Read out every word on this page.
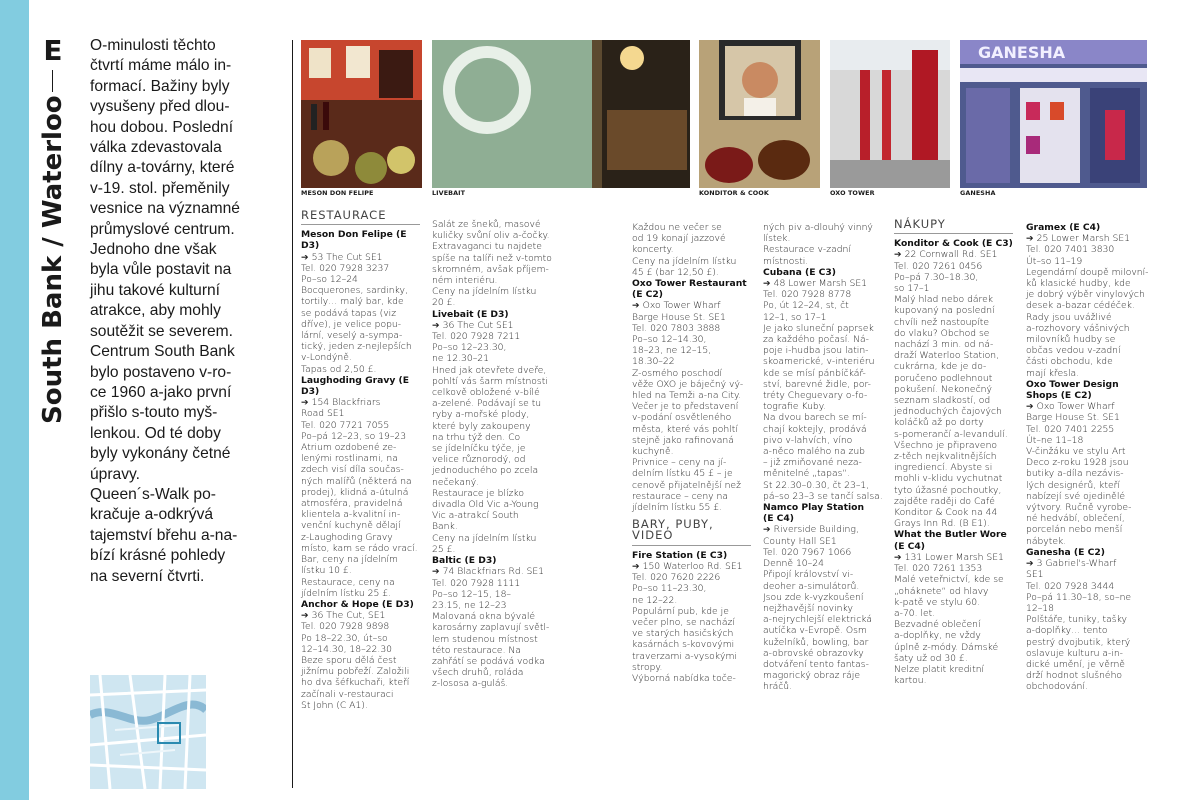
E
South Bank / Waterloo

O-minulosti těchto

čtvrtí máme málo in-

formací. Bažiny byly

vysušeny před dlou-

hou dobou. Poslední

válka zdevastovala

dílny a-továrny, které

v-19. stol. přeměnily

vesnice na významné

průmyslové centrum.

Jednoho dne však

byla vůle postavit na

jihu takové kulturní

atrakce, aby mohly

soutěžit se severem.

Centrum South Bank

bylo postaveno v-ro-

ce 1960 a-jako první

přišlo s-touto myš-

lenkou. Od té doby

byly vykonány četné

úpravy.

Queen´s-Walk po-

kračuje a-odkrývá

tajemství břehu a-na-

bízí krásné pohledy

na severní čtvrti.

GANESHA
MESON DON FELIPE	LIVEBAIT	KONDITOR & COOK	OXO TOWER	GANESHA
RESTAURACE

Meson Don Felipe (E D3)

➔ 53 The Cut SE1

Tel. 020 7928 3237

Po–so 12–24

Bocquerones, sardinky,

tortily… malý bar, kde

se podává tapas (viz

dříve), je velice popu-

lární, veselý a-sympa-

tický, jeden z-nejlepších

v-Londýně.

Tapas od 2,50 £.

Laughoding Gravy (E D3)

➔ 154 Blackfriars

Road SE1

Tel. 020 7721 7055

Po–pá 12–23, so 19–23

Atrium ozdobené ze-

lenými rostlinami, na

zdech visí díla součas-

ných malířů (některá na

prodej), klidná a-útulná

atmosféra, pravidelná

klientela a-kvalitní in-

venční kuchyně dělají

z-Laughoding Gravy

místo, kam se rádo vrací.

Bar, ceny na jídelním

lístku 10 £.

Restaurace, ceny na

jídelním lístku 25 £.

Anchor & Hope (E D3)

➔ 36 The Cut, SE1

Tel. 020 7928 9898

Po 18–22.30, út–so

12–14.30, 18–22.30

Beze sporu dělá čest

jižnímu pobřeží. Založili

ho dva šéfkuchaři, kteří

začínali v-restauraci

St John (C A1).

Salát ze šneků, masové

kuličky svůní oliv a-čočky.

Extravaganci tu najdete

spíše na talíři než v-tomto

skromném, avšak příjem-

ném interiéru.

Ceny na jídelním lístku

20 £.

Livebait (E D3)

➔ 36 The Cut SE1

Tel. 020 7928 7211

Po–so 12–23.30,

ne 12.30–21

Hned jak otevřete dveře,

pohltí vás šarm místnosti

celkově obložené v-bílé

a-zelené. Podávají se tu

ryby a-mořské plody,

které byly zakoupeny

na trhu týž den. Co

se jídelníčku týče, je

velice různorodý, od

jednoduchého po zcela

nečekaný.

Restaurace je blízko

divadla Old Vic a-Young

Vic a-atrakcí South

Bank.

Ceny na jídelním lístku

25 £.

Baltic (E D3)

➔ 74 Blackfriars Rd. SE1

Tel. 020 7928 1111

Po–so 12–15, 18–

23.15, ne 12–23

Malovaná okna bývalé

karosárny zaplavují světl-

lem studenou místnost

této restaurace. Na

zahřátí se podává vodka

všech druhů, roláda

z-lososa a-guláš.

Každou ne večer se

od 19 konají jazzové

koncerty.

Ceny na jídelním lístku

45 £ (bar 12,50 £).

Oxo Tower Restaurant

(E C2)

➔ Oxo Tower Wharf

Barge House St. SE1

Tel. 020 7803 3888

Po–so 12–14.30,

18–23, ne 12–15,

18.30–22

Z-osmého poschodí

věže OXO je báječný vý-

hled na Temži a-na City.

Večer je to představení

v-podání osvětleného

města, které vás pohltí

stejně jako rafinovaná

kuchyně.

Privnice – ceny na jí-

delním lístku 45 £ – je

cenově přijatelnější než

restaurace – ceny na

jídelním lístku 55 £.

BARY, PUBY, VIDEO

Fire Station (E C3)

➔ 150 Waterloo Rd. SE1

Tel. 020 7620 2226

Po–so 11–23.30,

ne 12–22.

Populární pub, kde je

večer plno, se nachází

ve starých hasičských

kasárnách s-kovovými

traverzami a-vysokými

stropy.

Výborná nabídka toče-

ných piv a-dlouhý vinný

lístek.

Restaurace v-zadní

místnosti.

Cubana (E C3)

➔ 48 Lower Marsh SE1

Tel. 020 7928 8778

Po, út 12–24, st, čt

12–1, so 17–1

Je jako sluneční paprsek

za každého počasí. Ná-

poje i-hudba jsou latin-

skoamerické, v-interiéru

kde se mísí pánbíčkář-

ství, barevné židle, por-

tréty Cheguevary o-fo-

tografie Kuby.

Na dvou barech se mí-

chají koktejly, prodává

pivo v-lahvích, víno

a-něco malého na zub

– již zmiňované neza-

měnitelné „tapas“.

St 22.30–0.30, čt 23–1,

pá–so 23–3 se tančí salsa.

Namco Play Station

(E C4)

➔ Riverside Building,

County Hall SE1

Tel. 020 7967 1066

Denně 10–24

Připojí království vi-

deoher a-simulátorů.

Jsou zde k-vyzkoušení

nejžhavější novinky

a-nejrychlejší elektrická

autíčka v-Evropě. Osm

kuželníků, bowling, bar

a-obrovské obrazovky

dotváření tento fantas-

magorický obraz ráje

hráčů.

NÁKUPY

Konditor & Cook (E C3)

➔ 22 Cornwall Rd. SE1

Tel. 020 7261 0456

Po–pá 7.30–18.30,

so 17–1

Malý hlad nebo dárek

kupovaný na poslední

chvíli než nastoupíte

do vlaku? Obchod se

nachází 3 min. od ná-

draží Waterloo Station,

cukrárna, kde je do-

poručeno podlehnout

pokušení. Nekonečný

seznam sladkostí, od

jednoduchých čajových

koláčků až po dorty

s-pomerančí a-levandulí.

Všechno je připraveno

z-těch nejkvalitnějších

ingrediencí. Abyste si

mohli v-klidu vychutnat

tyto úžasné pochoutky,

zajděte raději do Café

Konditor & Cook na 44

Grays Inn Rd. (B E1).

What the Butler Wore

(E C4)

➔ 131 Lower Marsh SE1

Tel. 020 7261 1353

Malé veteřnictví, kde se

„oháknete“ od hlavy

k-patě ve stylu 60.

a-70. let.

Bezvadné oblečení

a-doplňky, ne vždy

úplně z-módy. Dámské

šaty už od 30 £.

Nelze platit kreditní

kartou.

Gramex (E C4)

➔ 25 Lower Marsh SE1

Tel. 020 7401 3830

Út–so 11–19

Legendární doupě milovní-

ků klasické hudby, kde

je dobrý výběr vinylových

desek a-bazar cédéček.

Rady jsou uvážlivé

a-rozhovory vášnivých

milovníků hudby se

občas vedou v-zadní

části obchodu, kde

mají křesla.

Oxo Tower Design

Shops (E C2)

➔ Oxo Tower Wharf

Barge House St. SE1

Tel. 020 7401 2255

Út–ne 11–18

V-činžáku ve stylu Art

Deco z-roku 1928 jsou

butiky a-díla nezávis-

lých designérů, kteří

nabízejí své ojedinělé

výtvory. Ručně vyrobe-

né hedvábí, oblečení,

porcelán nebo menší

nábytek.

Ganesha (E C2)

➔ 3 Gabriel's-Wharf

SE1

Tel. 020 7928 3444

Po–pá 11.30–18, so–ne

12–18

Polštáře, tuniky, tašky

a-doplňky… tento

pestrý dvojbutik, který

oslavuje kulturu a-in-

dické umění, je věrně

drží hodnot slušného

obchodování.
